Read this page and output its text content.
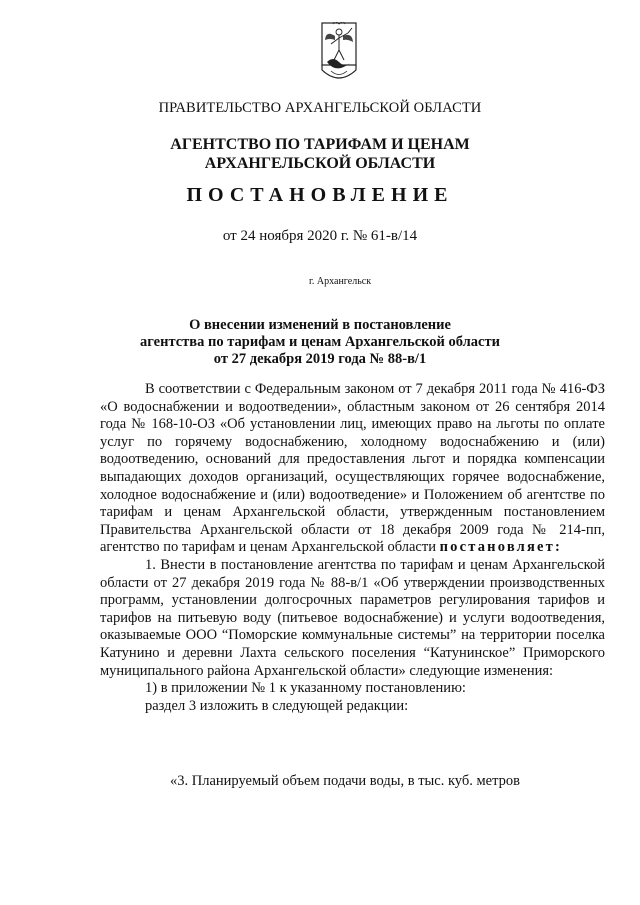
ПРАВИТЕЛЬСТВО АРХАНГЕЛЬСКОЙ ОБЛАСТИ
АГЕНТСТВО ПО ТАРИФАМ И ЦЕНАМ
АРХАНГЕЛЬСКОЙ ОБЛАСТИ
ПОСТАНОВЛЕНИЕ
от 24 ноября 2020 г. № 61-в/14
г. Архангельск
О внесении изменений в постановление
агентства по тарифам и ценам Архангельской области
от 27 декабря 2019 года № 88-в/1

В соответствии с Федеральным законом от 7 декабря 2011 года № 416-ФЗ «О водоснабжении и водоотведении», областным законом от 26 сентября 2014 года № 168-10-ОЗ «Об установлении лиц, имеющих право на льготы по оплате услуг по горячему водоснабжению, холодному водоснабжению и (или) водоотведению, оснований для предоставления льгот и порядка компенсации выпадающих доходов организаций, осуществляющих горячее водоснабжение, холодное водоснабжение и (или) водоотведение» и Положением об агентстве по тарифам и ценам Архангельской области, утвержденным постановлением Правительства Архангельской области от 18 декабря 2009 года № 214-пп, агентство по тарифам и ценам Архангельской области постановляет:

1. Внести в постановление агентства по тарифам и ценам Архангельской области от 27 декабря 2019 года № 88-в/1 «Об утверждении производственных программ, установлении долгосрочных параметров регулирования тарифов и тарифов на питьевую воду (питьевое водоснабжение) и услуги водоотведения, оказываемые ООО “Поморские коммунальные системы” на территории поселка Катунино и деревни Лахта сельского поселения “Катунинское” Приморского муниципального района Архангельской области» следующие изменения:

1) в приложении № 1 к указанному постановлению:

раздел 3 изложить в следующей редакции:

«3. Планируемый объем подачи воды, в тыс. куб. метров
